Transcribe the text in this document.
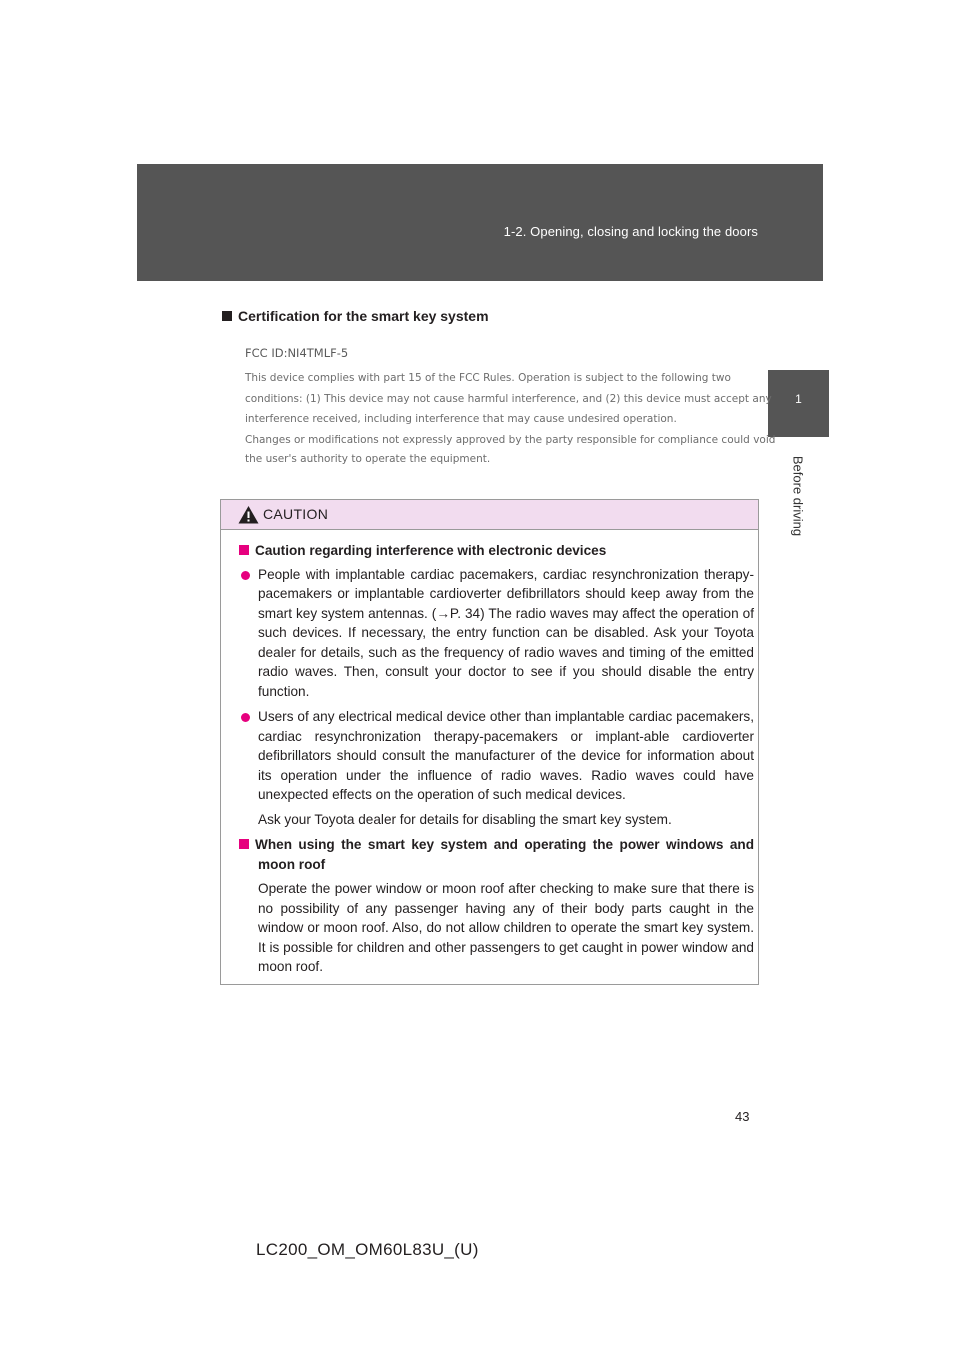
1-2. Opening, closing and locking the doors
1
Before driving
Certification for the smart key system
FCC ID:NI4TMLF-5
This device complies with part 15 of the FCC Rules. Operation is subject to the following two
conditions: (1) This device may not cause harmful interference, and (2) this device must accept any
interference received, including interference that may cause undesired operation.
Changes or modifications not expressly approved by the party responsible for compliance could void
the user's authority to operate the equipment.
CAUTION

Caution regarding interference with electronic devices

People with implantable cardiac pacemakers, cardiac resynchronization therapy-pacemakers or implantable cardioverter defibrillators should keep away from the smart key system antennas. (→P. 34) The radio waves may affect the operation of such devices. If necessary, the entry function can be disabled. Ask your Toyota dealer for details, such as the frequency of radio waves and timing of the emitted radio waves. Then, consult your doctor to see if you should disable the entry function.

Users of any electrical medical device other than implantable cardiac pacemakers, cardiac resynchronization therapy-pacemakers or implant-able cardioverter defibrillators should consult the manufacturer of the device for information about its operation under the influence of radio waves. Radio waves could have unexpected effects on the operation of such medical devices.

Ask your Toyota dealer for details for disabling the smart key system.

When using the smart key system and operating the power windows and moon roof

Operate the power window or moon roof after checking to make sure that there is no possibility of any passenger having any of their body parts caught in the window or moon roof. Also, do not allow children to operate the smart key system. It is possible for children and other passengers to get caught in power window and moon roof.

43
LC200_OM_OM60L83U_(U)
